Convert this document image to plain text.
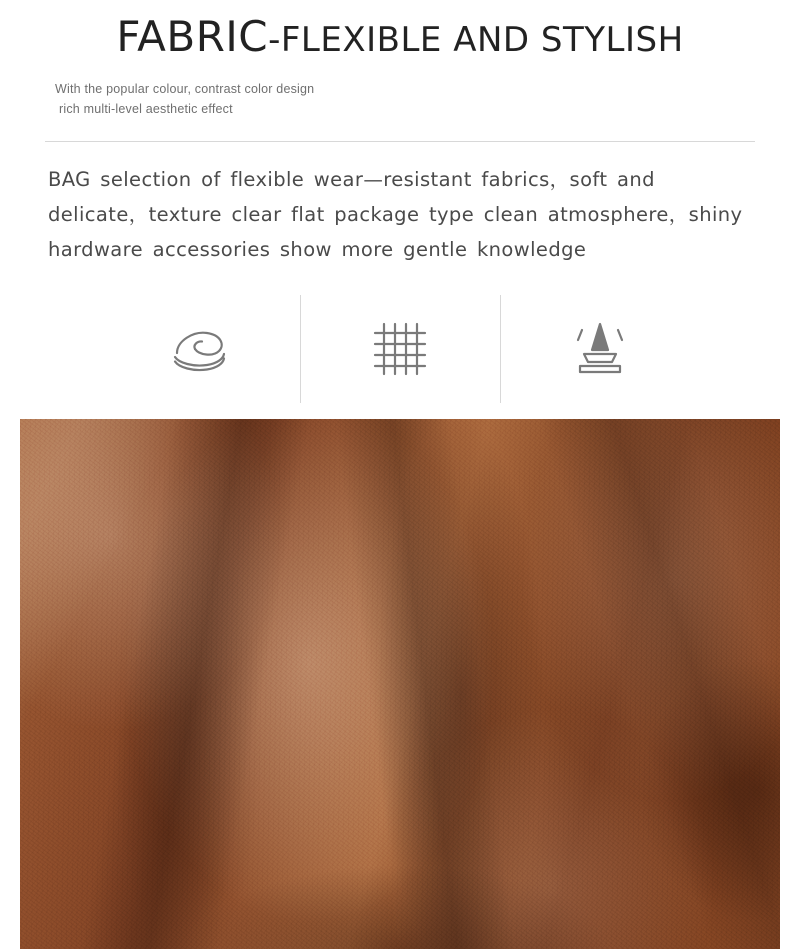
FABRIC-FLEXIBLE AND STYLISH
With the popular colour, contrast color design
rich multi-level aesthetic effect
BAG selection of flexible wear—resistant fabrics，soft and delicate，texture clear flat package type clean atmosphere，shiny hardware accessories show more gentle knowledge
